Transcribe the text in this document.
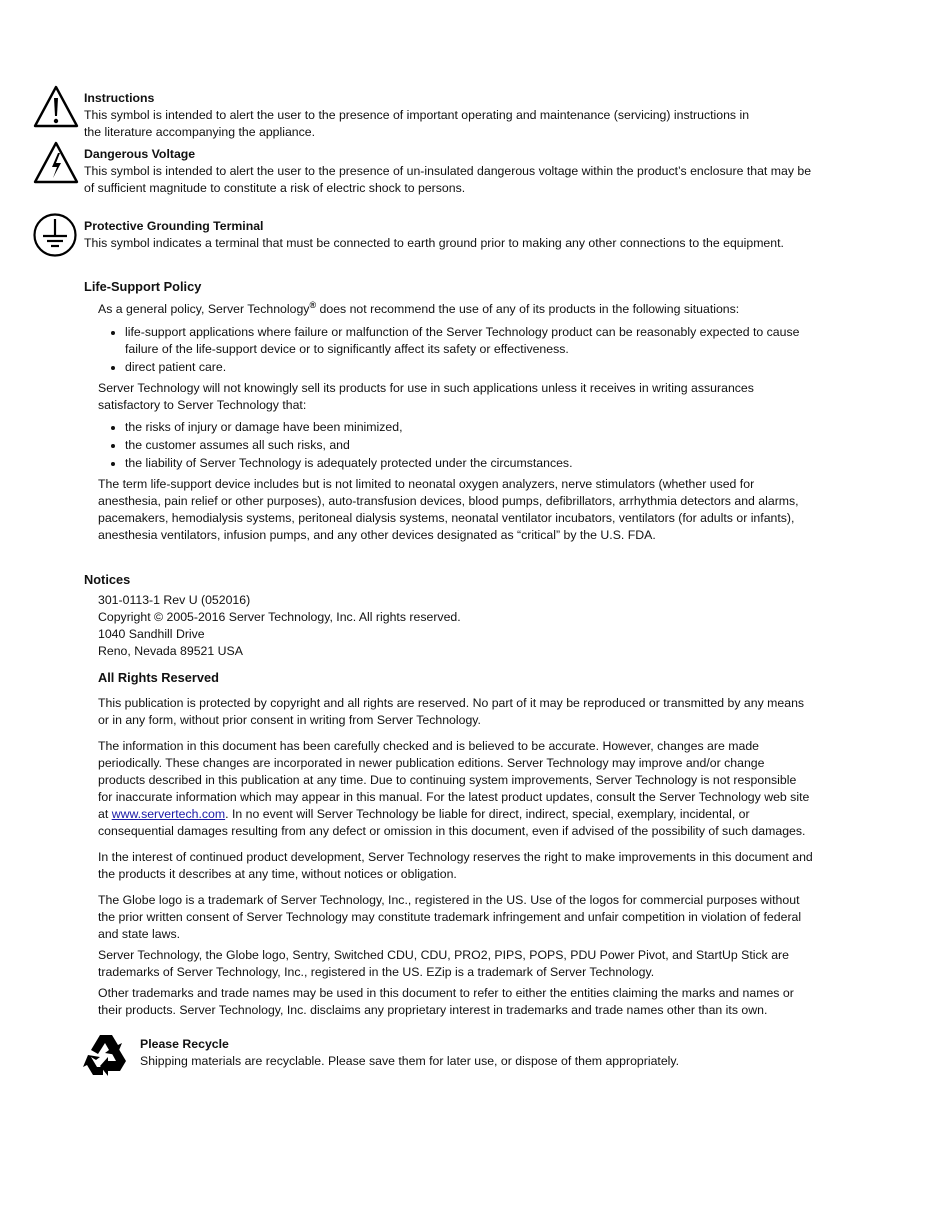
Instructions

This symbol is intended to alert the user to the presence of important operating and maintenance (servicing) instructions in the literature accompanying the appliance.

Dangerous Voltage

This symbol is intended to alert the user to the presence of un-insulated dangerous voltage within the product’s enclosure that may be of sufficient magnitude to constitute a risk of electric shock to persons.

Protective Grounding Terminal

This symbol indicates a terminal that must be connected to earth ground prior to making any other connections to the equipment.

Life-Support Policy

As a general policy, Server Technology® does not recommend the use of any of its products in the following situations:

• life-support applications where failure or malfunction of the Server Technology product can be reasonably expected to cause failure of the life-support device or to significantly affect its safety or effectiveness.
• direct patient care.

Server Technology will not knowingly sell its products for use in such applications unless it receives in writing assurances satisfactory to Server Technology that:

• the risks of injury or damage have been minimized,
• the customer assumes all such risks, and
• the liability of Server Technology is adequately protected under the circumstances.

The term life-support device includes but is not limited to neonatal oxygen analyzers, nerve stimulators (whether used for anesthesia, pain relief or other purposes), auto-transfusion devices, blood pumps, defibrillators, arrhythmia detectors and alarms, pacemakers, hemodialysis systems, peritoneal dialysis systems, neonatal ventilator incubators, ventilators (for adults or infants), anesthesia ventilators, infusion pumps, and any other devices designated as “critical” by the U.S. FDA.

Notices

301-0113-1 Rev U (052016)

Copyright © 2005-2016 Server Technology, Inc. All rights reserved.

1040 Sandhill Drive

Reno, Nevada 89521 USA

All Rights Reserved

This publication is protected by copyright and all rights are reserved. No part of it may be reproduced or transmitted by any means or in any form, without prior consent in writing from Server Technology.

The information in this document has been carefully checked and is believed to be accurate. However, changes are made periodically. These changes are incorporated in newer publication editions. Server Technology may improve and/or change products described in this publication at any time. Due to continuing system improvements, Server Technology is not responsible for inaccurate information which may appear in this manual. For the latest product updates, consult the Server Technology web site at www.servertech.com. In no event will Server Technology be liable for direct, indirect, special, exemplary, incidental, or consequential damages resulting from any defect or omission in this document, even if advised of the possibility of such damages.

In the interest of continued product development, Server Technology reserves the right to make improvements in this document and the products it describes at any time, without notices or obligation.

The Globe logo is a trademark of Server Technology, Inc., registered in the US. Use of the logos for commercial purposes without the prior written consent of Server Technology may constitute trademark infringement and unfair competition in violation of federal and state laws.

Server Technology, the Globe logo, Sentry, Switched CDU, CDU, PRO2, PIPS, POPS, PDU Power Pivot, and StartUp Stick are trademarks of Server Technology, Inc., registered in the US. EZip is a trademark of Server Technology.

Other trademarks and trade names may be used in this document to refer to either the entities claiming the marks and names or their products. Server Technology, Inc. disclaims any proprietary interest in trademarks and trade names other than its own.

Please Recycle

Shipping materials are recyclable. Please save them for later use, or dispose of them appropriately.
